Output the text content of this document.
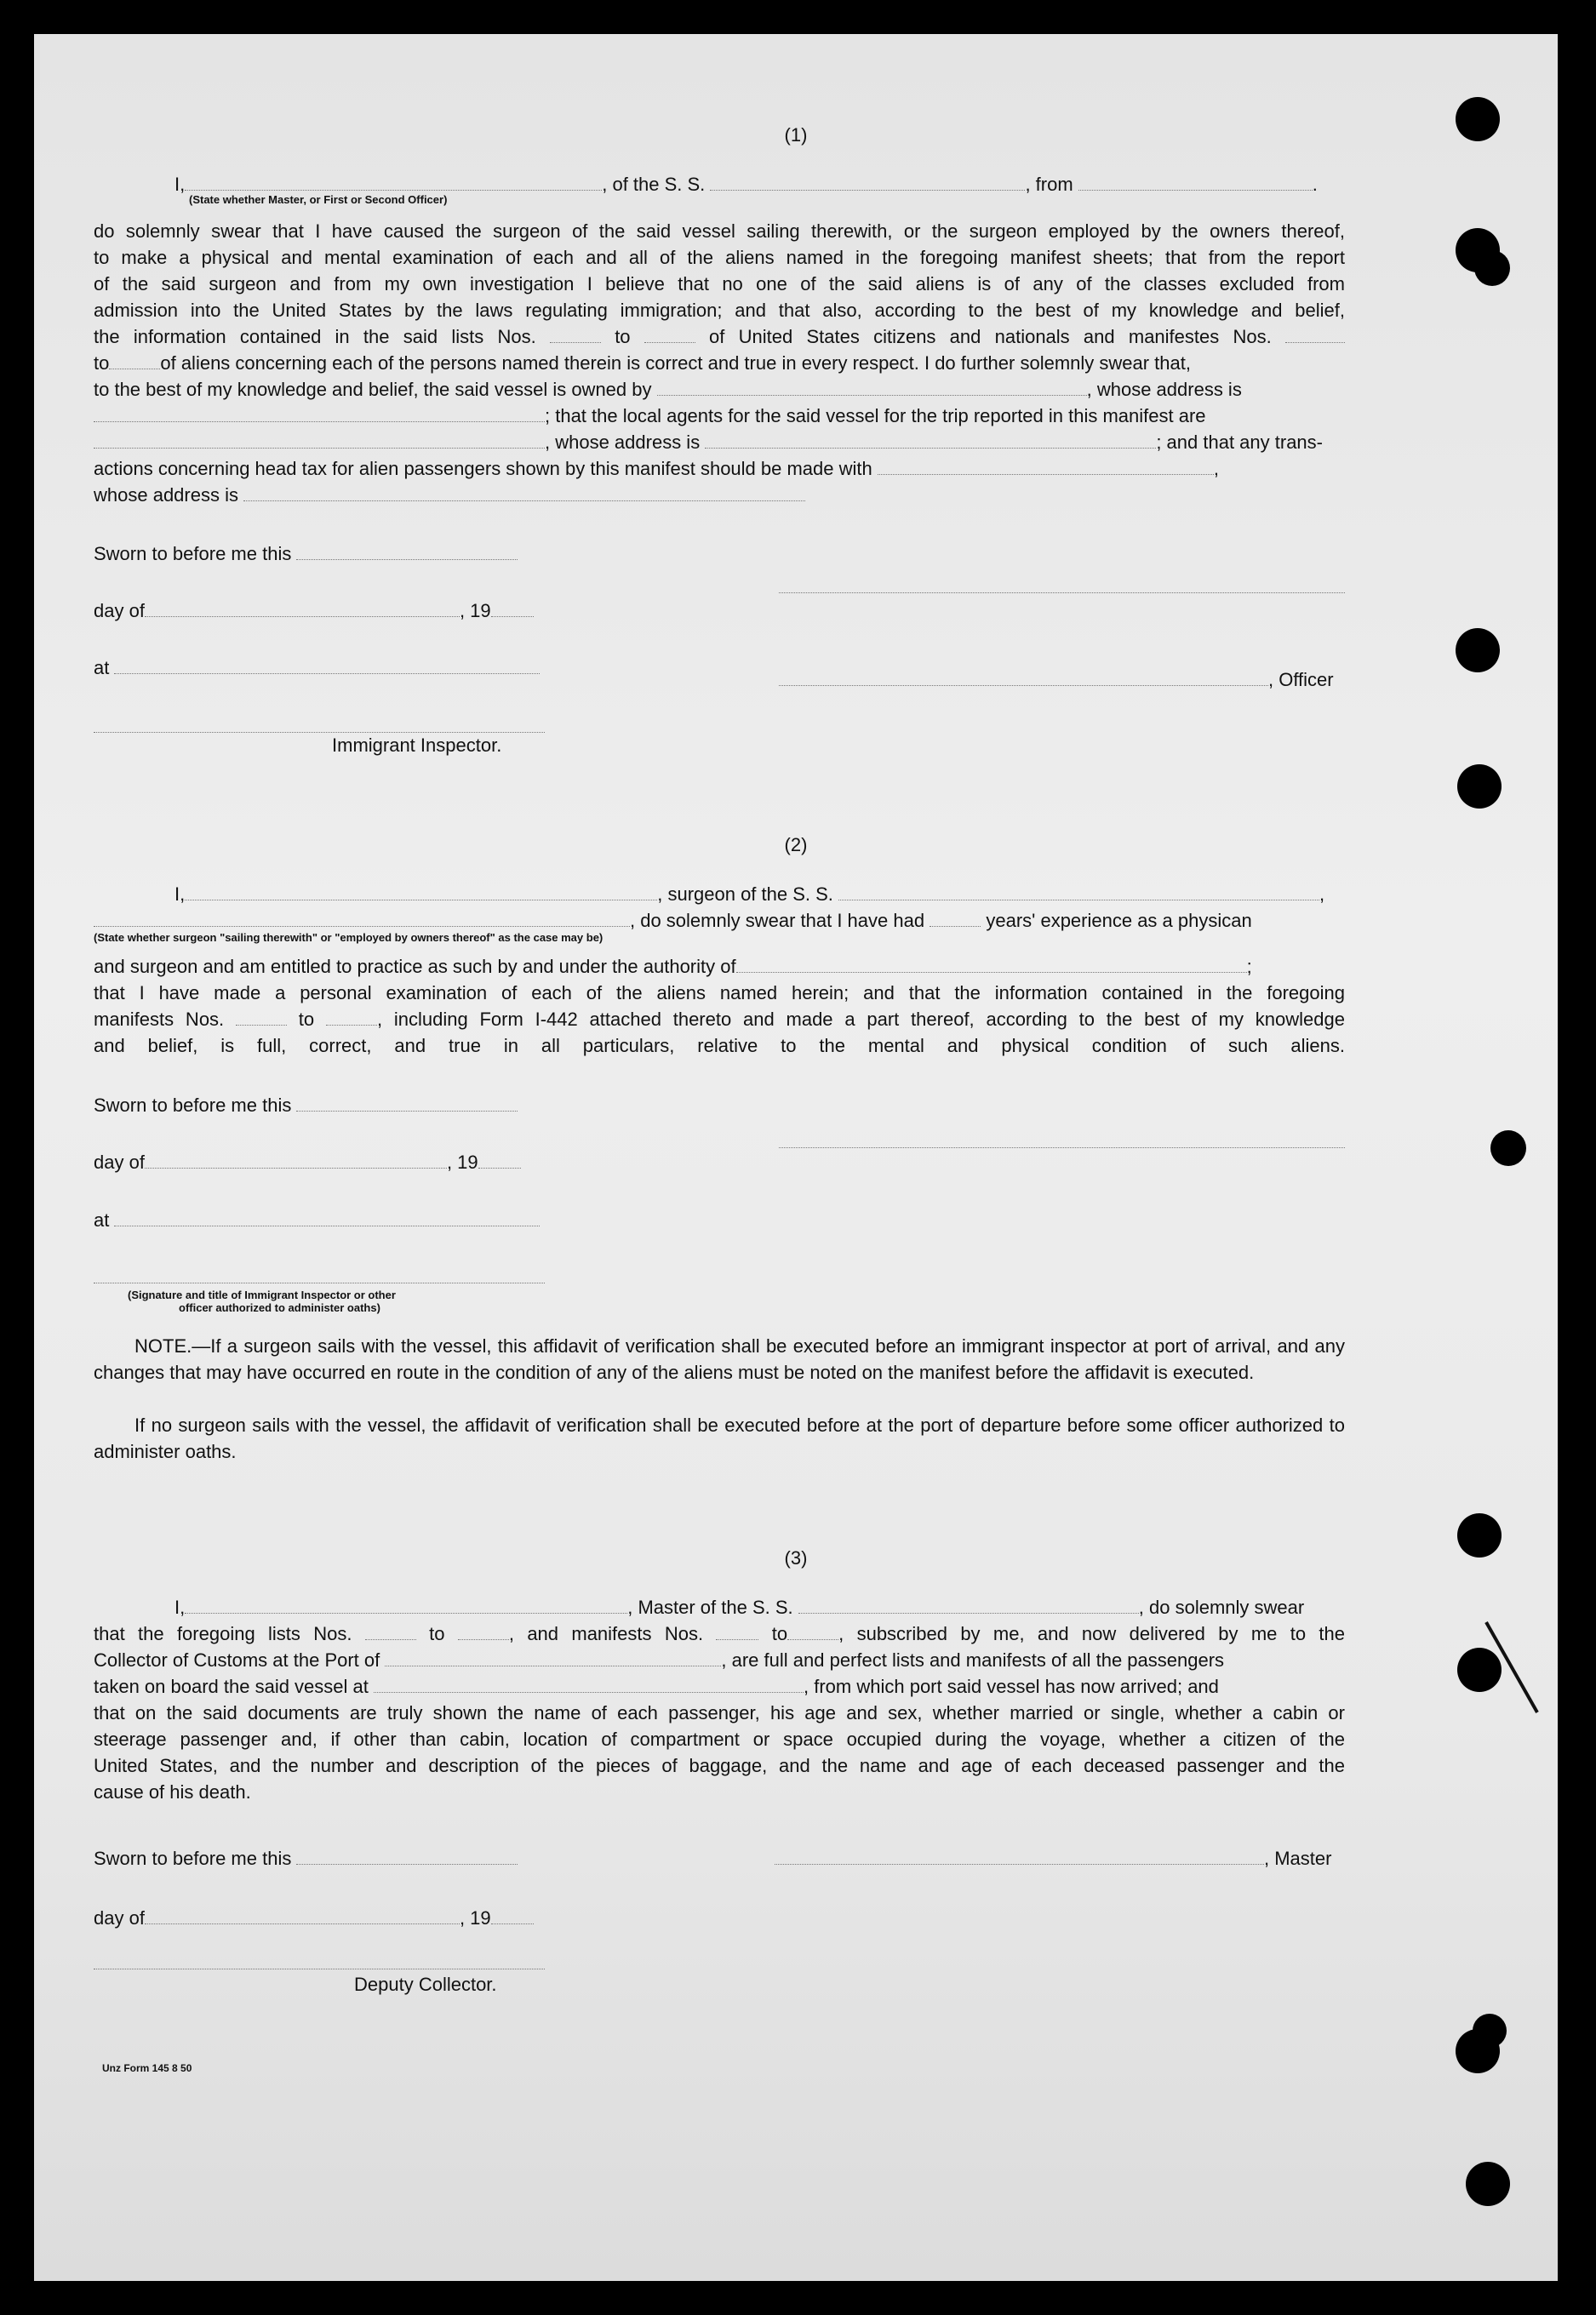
(1)
I,	, of the S. S.	, from	.
(State whether Master, or First or Second Officer)
do solemnly swear that I have caused the surgeon of the said vessel sailing therewith, or the surgeon employed by the owners thereof,
to make a physical and mental examination of each and all of the aliens named in the foregoing manifest sheets; that from the report
of the said surgeon and from my own investigation I believe that no one of the said aliens is of any of the classes excluded from
admission into the United States by the laws regulating immigration; and that also, according to the best of my knowledge and belief,
the information contained in the said lists Nos.	to	of United States citizens and nationals and manifestes Nos.
to	of aliens concerning each of the persons named therein is correct and true in every respect. I do further solemnly swear that,
to the best of my knowledge and belief, the said vessel is owned by	, whose address is
; that the local agents for the said vessel for the trip reported in this manifest are
, whose address is	; and that any trans-
actions concerning head tax for alien passengers shown by this manifest should be made with	,
whose address is
Sworn to before me this
day of	, 19
at
, Officer
Immigrant Inspector.
(2)
I,	, surgeon of the S. S.	,
, do solemnly swear that I have had	years' experience as a physican
(State whether surgeon "sailing therewith" or "employed by owners thereof" as the case may be)
and surgeon and am entitled to practice as such by and under the authority of	;
that I have made a personal examination of each of the aliens named herein; and that the information contained in the foregoing
manifests Nos.	to	, including Form I-442 attached thereto and made a part thereof, according to the best of my knowledge
and belief, is full, correct, and true in all particulars, relative to the mental and physical condition of such aliens.
Sworn to before me this
day of	, 19
at
(Signature and title of Immigrant Inspector or other
officer authorized to administer oaths)
NOTE.—If a surgeon sails with the vessel, this affidavit of verification shall be executed before an immigrant inspector at port of arrival, and any changes that may have occurred en route in the condition of any of the aliens must be noted on the manifest before the affidavit is executed.
If no surgeon sails with the vessel, the affidavit of verification shall be executed before at the port of departure before some officer authorized to administer oaths.
(3)
I,	, Master of the S. S.	, do solemnly swear
that the foregoing lists Nos.	to	, and manifests Nos.	to	, subscribed by me, and now delivered by me to the
Collector of Customs at the Port of	, are full and perfect lists and manifests of all the passengers
taken on board the said vessel at	, from which port said vessel has now arrived; and
that on the said documents are truly shown the name of each passenger, his age and sex, whether married or single, whether a cabin or
steerage passenger and, if other than cabin, location of compartment or space occupied during the voyage, whether a citizen of the
United States, and the number and description of the pieces of baggage, and the name and age of each deceased passenger and the
cause of his death.
Sworn to before me this	, Master
day of	, 19
Deputy Collector.
Unz Form 145 8 50
